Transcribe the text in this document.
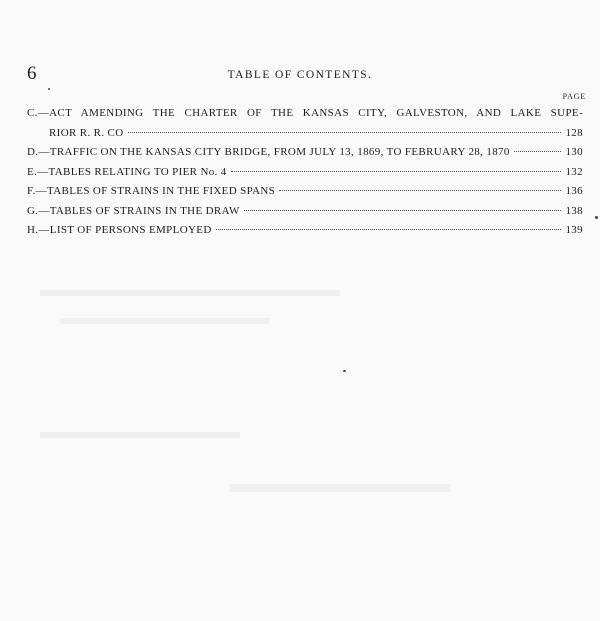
6	TABLE OF CONTENTS.
PAGE
C.—ACT AMENDING THE CHARTER OF THE KANSAS CITY, GALVESTON, AND LAKE SUPE-
RIOR R. R. CO	128
D.—TRAFFIC ON THE KANSAS CITY BRIDGE, FROM JULY 13, 1869, TO FEBRUARY 28, 1870	130
E.—TABLES RELATING TO PIER No. 4	132
F.—TABLES OF STRAINS IN THE FIXED SPANS	136
G.—TABLES OF STRAINS IN THE DRAW	138
H.—LIST OF PERSONS EMPLOYED	139
